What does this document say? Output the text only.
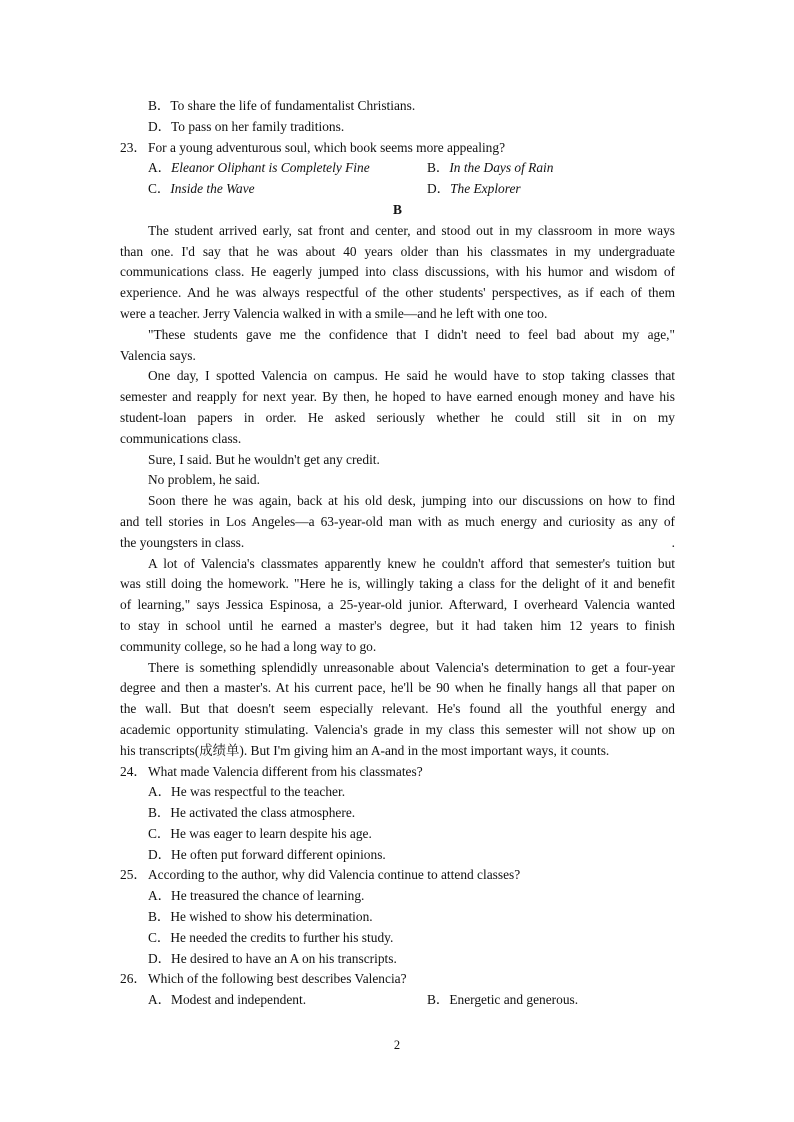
B．To share the life of fundamentalist Christians.
D．To pass on her family traditions.
23． For a young adventurous soul, which book seems more appealing?
A．Eleanor Oliphant is Completely Fine	B．In the Days of Rain
C．Inside the Wave	D．The Explorer
B
The student arrived early, sat front and center, and stood out in my classroom in more ways
than one. I'd say that he was about 40 years older than his classmates in my undergraduate
communications class. He eagerly jumped into class discussions, with his humor and wisdom of
experience. And he was always respectful of the other students' perspectives, as if each of them
were a teacher. Jerry Valencia walked in with a smile—and he left with one too.
"These students gave me the confidence that I didn't need to feel bad about my age,"
Valencia says.
One day, I spotted Valencia on campus. He said he would have to stop taking classes that
semester and reapply for next year. By then, he hoped to have earned enough money and have his
student-loan papers in order. He asked seriously whether he could still sit in on my
communications class.
Sure, I said. But he wouldn't get any credit.
No problem, he said.
Soon there he was again, back at his old desk, jumping into our discussions on how to find
and tell stories in Los Angeles—a 63-year-old man with as much energy and curiosity as any of
the youngsters in class.	.
A lot of Valencia's classmates apparently knew he couldn't afford that semester's tuition but
was still doing the homework. "Here he is, willingly taking a class for the delight of it and benefit
of learning," says Jessica Espinosa, a 25-year-old junior. Afterward, I overheard Valencia wanted
to stay in school until he earned a master's degree, but it had taken him 12 years to finish
community college, so he had a long way to go.
There is something splendidly unreasonable about Valencia's determination to get a four-year
degree and then a master's. At his current pace, he'll be 90 when he finally hangs all that paper on
the wall. But that doesn't seem especially relevant. He's found all the youthful energy and
academic opportunity stimulating. Valencia's grade in my class this semester will not show up on
his transcripts(成绩单). But I'm giving him an A-and in the most important ways, it counts.
24． What made Valencia different from his classmates?
A．He was respectful to the teacher.
B．He activated the class atmosphere.
C．He was eager to learn despite his age.
D．He often put forward different opinions.
25． According to the author, why did Valencia continue to attend classes?
A．He treasured the chance of learning.
B．He wished to show his determination.
C．He needed the credits to further his study.
D．He desired to have an A on his transcripts.
26． Which of the following best describes Valencia?
A．Modest and independent.	B．Energetic and generous.
2
